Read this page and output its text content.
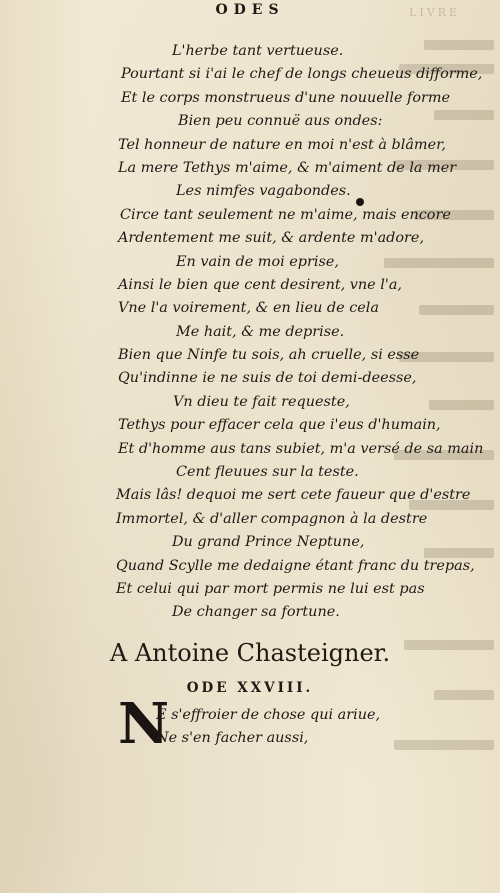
ODES	LIVRE
L'herbe tant vertueuse.
Pourtant si i'ai le chef de longs cheueus difforme,
Et le corps monstrueus d'une nouuelle forme
Bien peu connuë aus ondes:
Tel honneur de nature en moi n'est à blâmer,
La mere Tethys m'aime, & m'aiment de la mer
Les nimfes vagabondes.
Circe tant seulement ne m'aime, mais encore
Ardentement me suit, & ardente m'adore,
En vain de moi eprise,
Ainsi le bien que cent desirent, vne l'a,
Vne l'a voirement, & en lieu de cela
Me hait, & me deprise.
Bien que Ninfe tu sois, ah cruelle, si esse
Qu'indinne ie ne suis de toi demi-deesse,
Vn dieu te fait requeste,
Tethys pour effacer cela que i'eus d'humain,
Et d'homme aus tans subiet, m'a versé de sa main
Cent fleuues sur la teste.
Mais lâs! dequoi me sert cete faueur que d'estre
Immortel, & d'aller compagnon à la destre
Du grand Prince Neptune,
Quand Scylle me dedaigne étant franc du trepas,
Et celui qui par mort permis ne lui est pas
De changer sa fortune.
A Antoine Chasteigner.
ODE XXVIII.
N
E s'effroier de chose qui ariue,
Ne s'en facher aussi,
